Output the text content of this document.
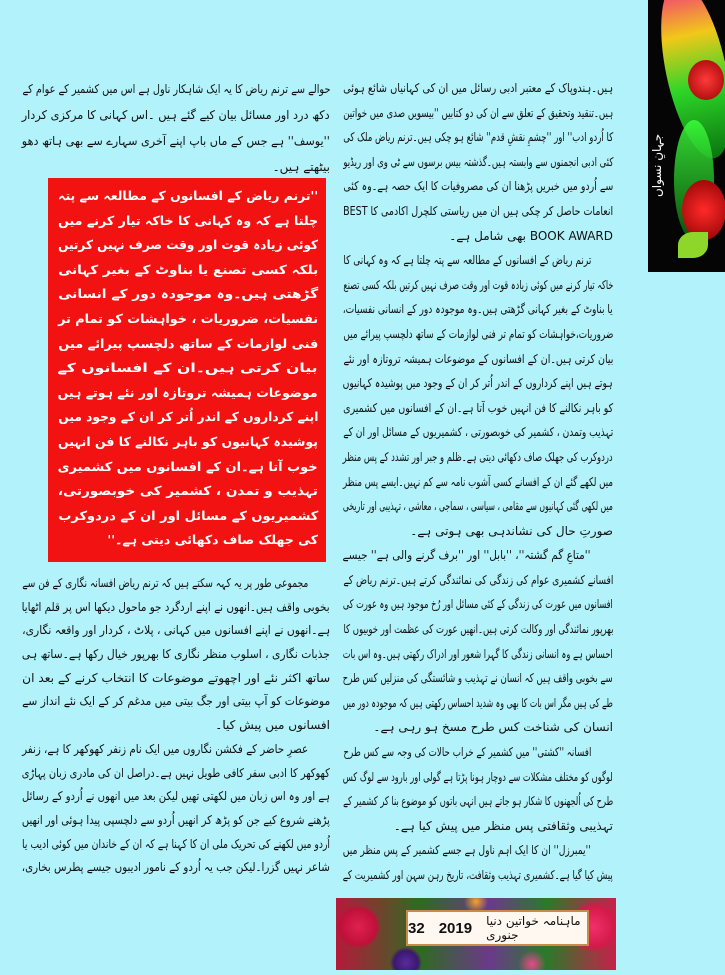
جہانِ نسواں
ہیں۔ہندوپاک کے معتبر ادبی رسائل میں ان کی کہانیاں شائع ہوئی
ہیں۔تنقید وتحقیق کے تعلق سے ان کی دو کتابیں ''بیسویں صدی میں خواتین
کا اُردو ادب'' اور ''چشمِ نقشِ قدم'' شائع ہو چکی ہیں۔ترنم ریاض ملک کی
کئی ادبی انجمنوں سے وابستہ ہیں۔گذشتہ بیس برسوں سے ٹی وی اور ریڈیو
سے اُردو میں خبریں پڑھنا ان کی مصروفیات کا ایک حصہ ہے۔وہ کئی
انعامات حاصل کر چکی ہیں ان میں ریاستی کلچرل اکادمی کا BEST
BOOK AWARD بھی شامل ہے۔
ترنم ریاض کے افسانوں کے مطالعہ سے پتہ چلتا ہے کہ وہ کہانی کا
خاکہ تیار کرنے میں کوئی زیادہ قوت اور وقت صرف نہیں کرتیں بلکہ کسی تصنع
یا بناوٹ کے بغیر کہانی گڑھتی ہیں۔وہ موجودہ دور کے انسانی نفسیات،
ضروریات،خواہشات کو تمام تر فنی لوازمات کے ساتھ دلچسپ پیرائے میں
بیان کرتی ہیں۔ان کے افسانوں کے موضوعات ہمیشہ تروتازہ اور نئے
ہوتے ہیں اپنے کرداروں کے اندر اُتر کر ان کے وجود میں پوشیدہ کہانیوں
کو باہر نکالنے کا فن انہیں خوب آتا ہے۔ان کے افسانوں میں کشمیری
تہذیب وتمدن ، کشمیر کی خوبصورتی ، کشمیریوں کے مسائل اور ان کے
دردوکرب کی جھلک صاف دکھائی دیتی ہے۔ظلم و جبر اور تشدد کے پس منظر
میں لکھے گئے ان کے افسانے کسی آشوب نامہ سے کم نہیں۔ایسے پس منظر
میں لکھی گئی کہانیوں سے مقامی ، سیاسی ، سماجی ، معاشی ، تہذیبی اور تاریخی
صورتِ حال کی نشاندہی بھی ہوتی ہے۔
''متاعِ گم گشتہ''، ''بابل'' اور ''برف گرنے والی ہے'' جیسے
افسانے کشمیری عوام کی زندگی کی نمائندگی کرتے ہیں۔ترنم ریاض کے
افسانوں میں عورت کی زندگی کے کئی مسائل اور رُخ موجود ہیں وہ عورت کی
بھرپور نمائندگی اور وکالت کرتی ہیں۔انھیں عورت کی عظمت اور خوبیوں کا
احساس ہے وہ انسانی زندگی کا گہرا شعور اور ادراک رکھتی ہیں۔وہ اس بات
سے بخوبی واقف ہیں کہ انسان نے تہذیب و شائستگی کی منزلیں کس طرح
طے کی ہیں مگر اس بات کا بھی وہ شدید احساس رکھتی ہیں کہ موجودہ دور میں
انسان کی شناخت کس طرح مسخ ہو رہی ہے۔
افسانہ ''کشتی'' میں کشمیر کے خراب حالات کی وجہ سے کس طرح
لوگوں کو مختلف مشکلات سے دوچار ہونا پڑتا ہے گولی اور بارود سے لوگ کس
طرح کی اُلجھنوں کا شکار ہو جاتے ہیں انہی باتوں کو موضوع بنا کر کشمیر کے
تہذیبی وثقافتی پس منظر میں پیش کیا ہے۔
''یمبرزل'' ان کا ایک اہم ناول ہے جسے کشمیر کے پس منظر میں
پیش کیا گیا ہے۔کشمیری تہذیب وثقافت، تاریخ رہن سہن اور کشمیریت کے
حوالے سے ترنم ریاض کا یہ ایک شاہکار ناول ہے اس میں کشمیر کے عوام کے
دکھ درد اور مسائل بیان کیے گئے ہیں ۔اس کہانی کا مرکزی کردار
''یوسف'' ہے جس کے ماں باپ اپنے آخری سہارے سے بھی ہاتھ دھو
بیٹھتے ہیں۔
''ترنم ریاض کے افسانوں کے مطالعہ سے پتہ
چلتا ہے کہ وہ کہانی کا خاکہ تیار کرنے میں
کوئی زیادہ قوت اور وقت صرف نہیں کرتیں
بلکہ کسی تصنع یا بناوٹ کے بغیر کہانی
گڑھتی ہیں۔وہ موجودہ دور کے انسانی
نفسیات، ضروریات ، خواہشات کو تمام تر
فنی لوازمات کے ساتھ دلچسپ پیرائے میں
بیان کرتی ہیں۔ان کے افسانوں کے
موضوعات ہمیشہ تروتازہ اور نئے ہوتے ہیں
اپنے کرداروں کے اندر اُتر کر ان کے وجود میں
پوشیدہ کہانیوں کو باہر نکالنے کا فن انہیں
خوب آتا ہے۔ان کے افسانوں میں کشمیری
تہذیب و تمدن ، کشمیر کی خوبصورتی،
کشمیریوں کے مسائل اور ان کے دردوکرب
کی جھلک صاف دکھائی دیتی ہے۔''
مجموعی طور پر یہ کہہ سکتے ہیں کہ ترنم ریاض افسانہ نگاری کے فن سے
بخوبی واقف ہیں۔انھوں نے اپنے اردگرد جو ماحول دیکھا اس پر قلم اٹھایا
ہے۔انھوں نے اپنے افسانوں میں کہانی ، پلاٹ ، کردار اور واقعہ نگاری،
جذبات نگاری ، اسلوب منظر نگاری کا بھرپور خیال رکھا ہے۔ساتھ ہی
ساتھ اکثر نئے اور اچھوتے موضوعات کا انتخاب کرنے کے بعد ان
موضوعات کو آپ بیتی اور جگ بیتی میں مدغم کر کے ایک نئے انداز سے
افسانوں میں پیش کیا۔
عصرِ حاضر کے فکشن نگاروں میں ایک نام زنفر کھوکھر کا ہے، زنفر
کھوکھر کا ادبی سفر کافی طویل نہیں ہے۔دراصل ان کی مادری زبان پہاڑی
ہے اور وہ اس زبان میں لکھتی تھیں لیکن بعد میں انھوں نے اُردو کے رسائل
پڑھنے شروع کیے جن کو پڑھ کر انھیں اُردو سے دلچسپی پیدا ہوئی اور انھیں
اُردو میں لکھنے کی تحریک ملی ان کا کہنا ہے کہ ان کے خاندان میں کوئی ادیب یا
شاعر نہیں گزرا۔لیکن جب یہ اُردو کے نامور ادیبوں جیسے پطرس بخاری،
32 2019 ماہنامہ خواتین دنیا جنوری
